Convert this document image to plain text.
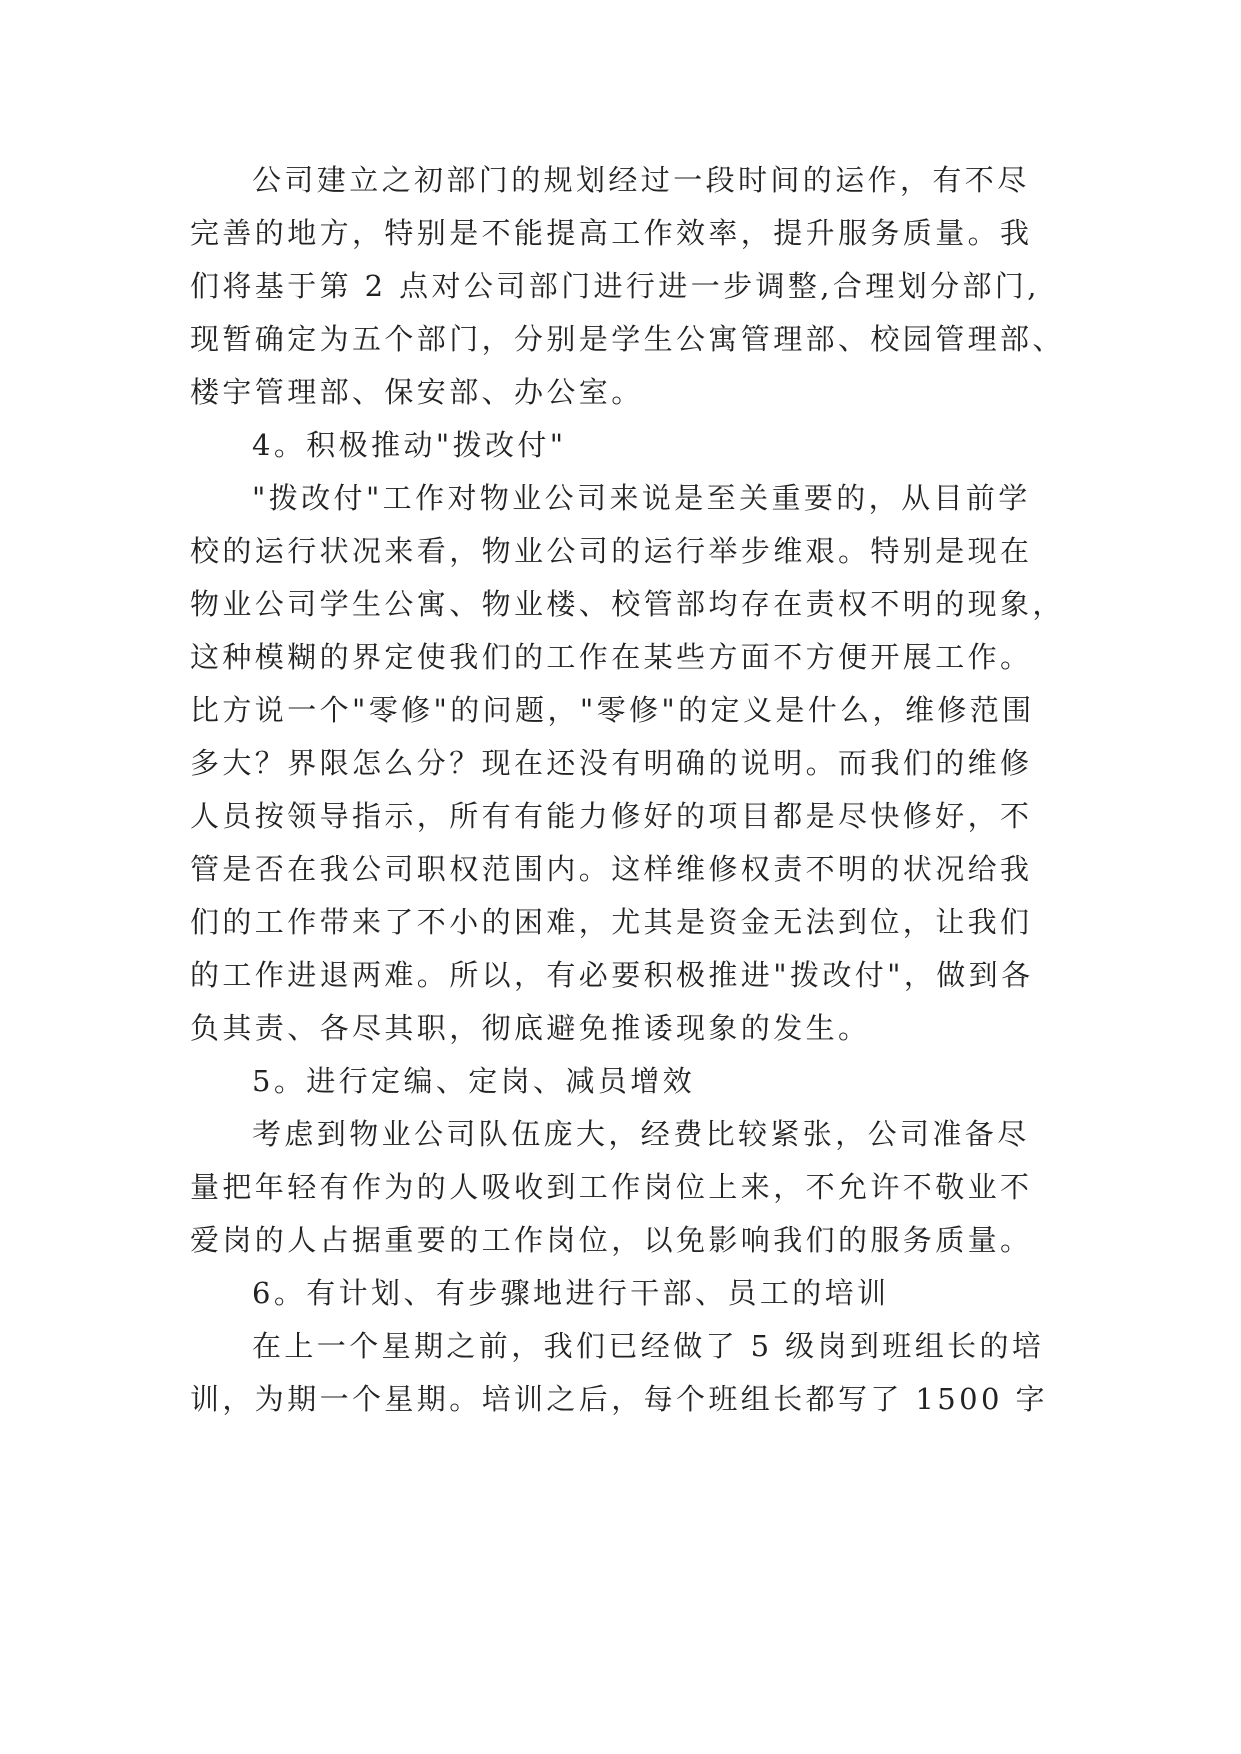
公司建立之初部门的规划经过一段时间的运作，有不尽

完善的地方，特别是不能提高工作效率，提升服务质量。我

们将基于第 2 点对公司部门进行进一步调整,合理划分部门,

现暂确定为五个部门，分别是学生公寓管理部、校园管理部、

楼宇管理部、保安部、办公室。

4。积极推动"拨改付"

"拨改付"工作对物业公司来说是至关重要的，从目前学

校的运行状况来看，物业公司的运行举步维艰。特别是现在

物业公司学生公寓、物业楼、校管部均存在责权不明的现象，

这种模糊的界定使我们的工作在某些方面不方便开展工作。

比方说一个"零修"的问题，"零修"的定义是什么，维修范围

多大？界限怎么分？现在还没有明确的说明。而我们的维修

人员按领导指示，所有有能力修好的项目都是尽快修好，不

管是否在我公司职权范围内。这样维修权责不明的状况给我

们的工作带来了不小的困难，尤其是资金无法到位，让我们

的工作进退两难。所以，有必要积极推进"拨改付"，做到各

负其责、各尽其职，彻底避免推诿现象的发生。

5。进行定编、定岗、减员增效

考虑到物业公司队伍庞大，经费比较紧张，公司准备尽

量把年轻有作为的人吸收到工作岗位上来，不允许不敬业不

爱岗的人占据重要的工作岗位，以免影响我们的服务质量。

6。有计划、有步骤地进行干部、员工的培训

在上一个星期之前，我们已经做了 5 级岗到班组长的培

训，为期一个星期。培训之后，每个班组长都写了 1500 字
